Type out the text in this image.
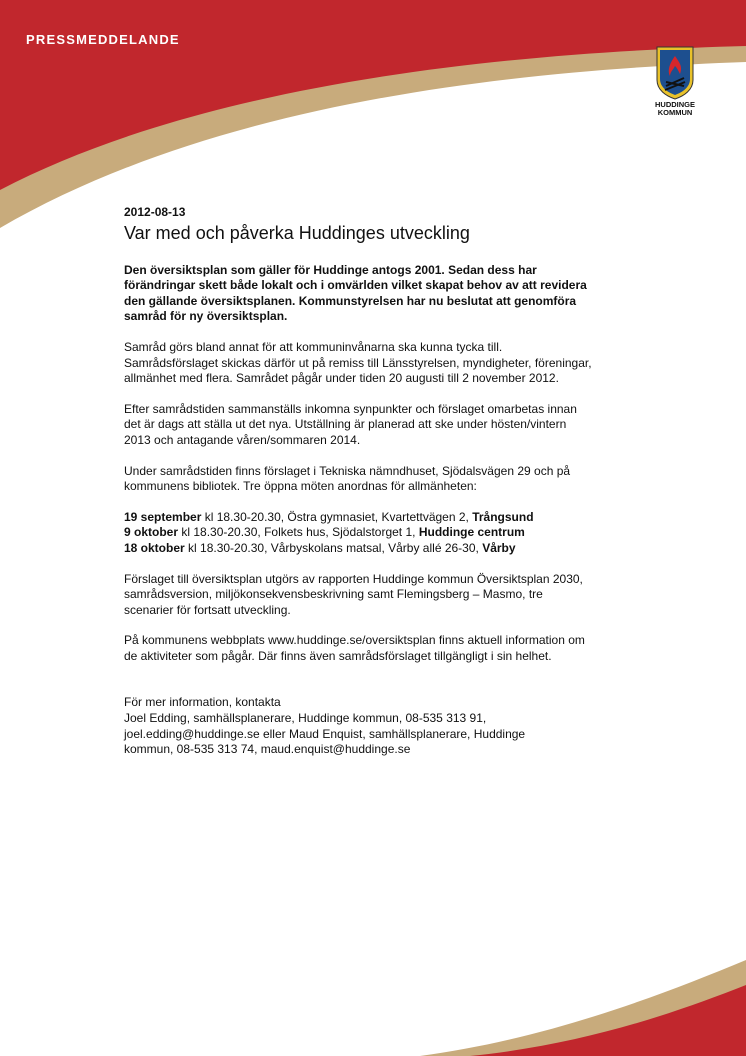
PRESSMEDDELANDE
HUDDINGE
KOMMUN
2012-08-13
Var med och påverka Huddinges utveckling

Den översiktsplan som gäller för Huddinge antogs 2001. Sedan dess har förändringar skett både lokalt och i omvärlden vilket skapat behov av att revidera den gällande översiktsplanen. Kommunstyrelsen har nu beslutat att genomföra samråd för ny översiktsplan.

Samråd görs bland annat för att kommuninvånarna ska kunna tycka till. Samrådsförslaget skickas därför ut på remiss till Länsstyrelsen, myndigheter, föreningar, allmänhet med flera. Samrådet pågår under tiden 20 augusti till 2 november 2012.

Efter samrådstiden sammanställs inkomna synpunkter och förslaget omarbetas innan det är dags att ställa ut det nya. Utställning är planerad att ske under hösten/vintern 2013 och antagande våren/sommaren 2014.

Under samrådstiden finns förslaget i Tekniska nämndhuset, Sjödalsvägen 29 och på kommunens bibliotek. Tre öppna möten anordnas för allmänheten:

19 september kl 18.30-20.30, Östra gymnasiet, Kvartettvägen 2, Trångsund
9 oktober kl 18.30-20.30, Folkets hus, Sjödalstorget 1, Huddinge centrum
18 oktober kl 18.30-20.30, Vårbyskolans matsal, Vårby allé 26-30, Vårby

Förslaget till översiktsplan utgörs av rapporten Huddinge kommun Översiktsplan 2030, samrådsversion, miljökonsekvensbeskrivning samt Flemingsberg – Masmo, tre scenarier för fortsatt utveckling.

På kommunens webbplats www.huddinge.se/oversiktsplan finns aktuell information om de aktiviteter som pågår. Där finns även samrådsförslaget tillgängligt i sin helhet.

För mer information, kontakta
Joel Edding, samhällsplanerare, Huddinge kommun, 08-535 313 91,
joel.edding@huddinge.se eller Maud Enquist, samhällsplanerare, Huddinge
kommun, 08-535 313 74, maud.enquist@huddinge.se
